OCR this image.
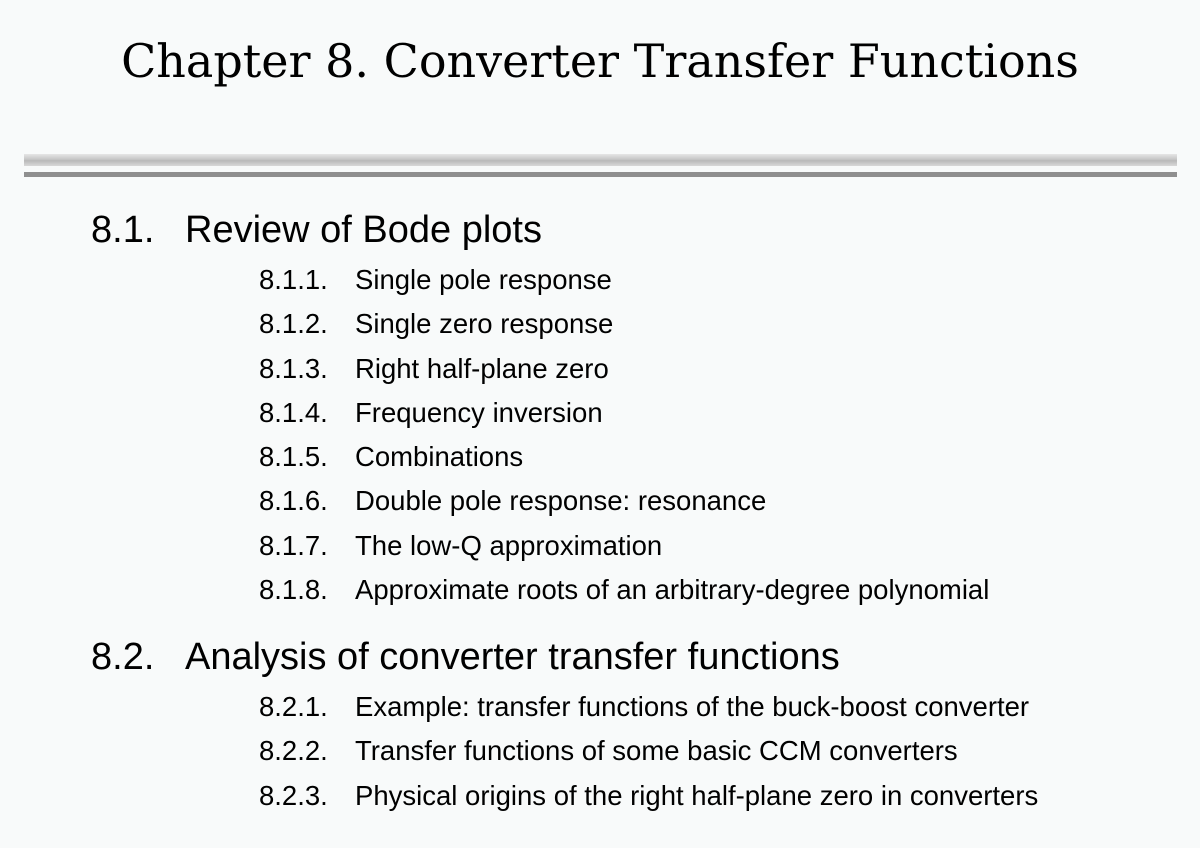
Chapter 8. Converter Transfer Functions
8.1. Review of Bode plots
8.1.1. Single pole response
8.1.2. Single zero response
8.1.3. Right half-plane zero
8.1.4. Frequency inversion
8.1.5. Combinations
8.1.6. Double pole response: resonance
8.1.7. The low-Q approximation
8.1.8. Approximate roots of an arbitrary-degree polynomial
8.2. Analysis of converter transfer functions
8.2.1. Example: transfer functions of the buck-boost converter
8.2.2. Transfer functions of some basic CCM converters
8.2.3. Physical origins of the right half-plane zero in converters
